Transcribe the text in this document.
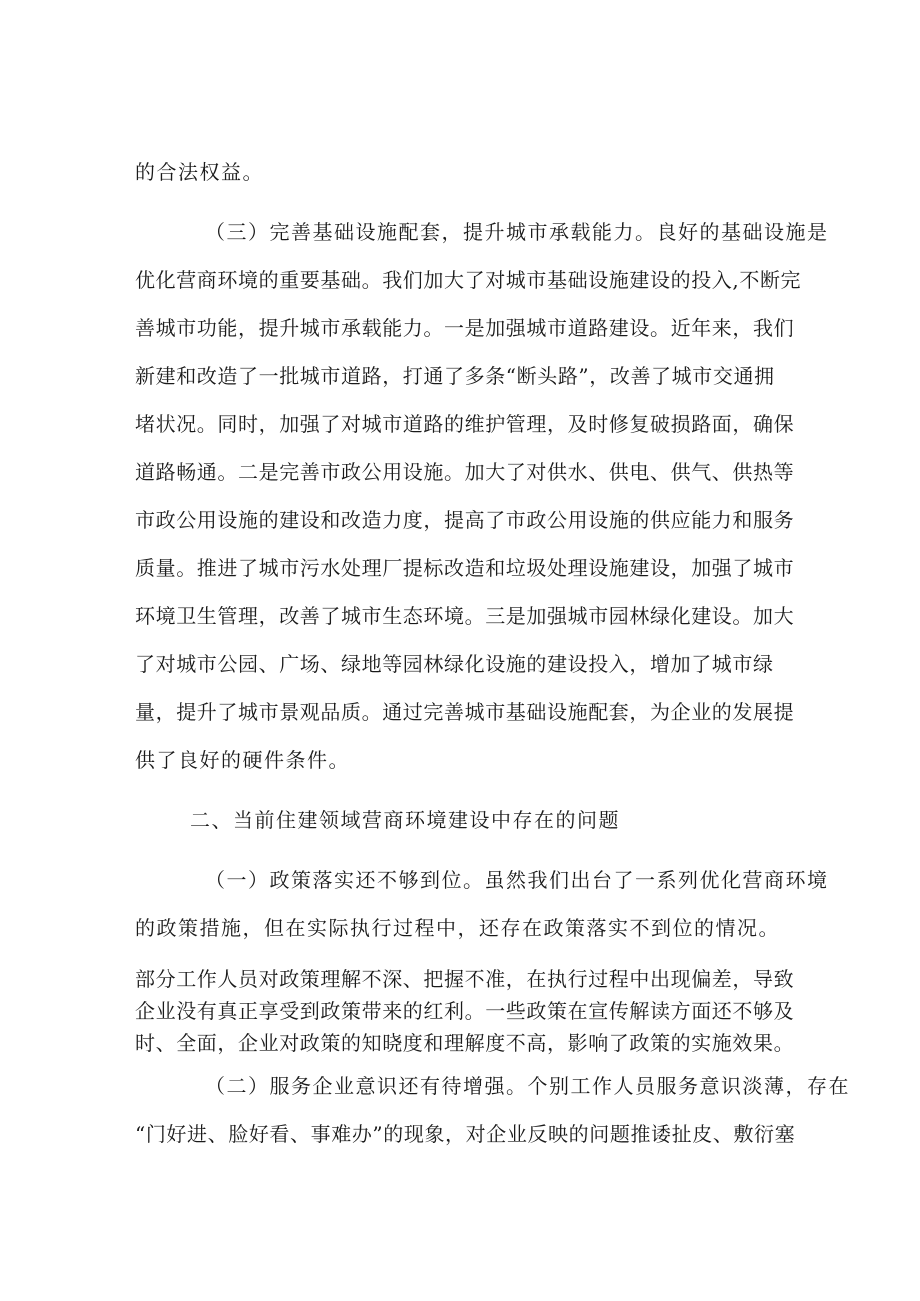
的合法权益。
（三）完善基础设施配套，提升城市承载能力。良好的基础设施是
优化营商环境的重要基础。我们加大了对城市基础设施建设的投入,不断完
善城市功能，提升城市承载能力。一是加强城市道路建设。近年来，我们
新建和改造了一批城市道路，打通了多条“断头路”，改善了城市交通拥
堵状况。同时，加强了对城市道路的维护管理，及时修复破损路面，确保
道路畅通。二是完善市政公用设施。加大了对供水、供电、供气、供热等
市政公用设施的建设和改造力度，提高了市政公用设施的供应能力和服务
质量。推进了城市污水处理厂提标改造和垃圾处理设施建设，加强了城市
环境卫生管理，改善了城市生态环境。三是加强城市园林绿化建设。加大
了对城市公园、广场、绿地等园林绿化设施的建设投入，增加了城市绿
量，提升了城市景观品质。通过完善城市基础设施配套，为企业的发展提
供了良好的硬件条件。
二、当前住建领域营商环境建设中存在的问题
（一）政策落实还不够到位。虽然我们出台了一系列优化营商环境
的政策措施，但在实际执行过程中，还存在政策落实不到位的情况。
部分工作人员对政策理解不深、把握不准，在执行过程中出现偏差，导致
企业没有真正享受到政策带来的红利。一些政策在宣传解读方面还不够及
时、全面，企业对政策的知晓度和理解度不高，影响了政策的实施效果。
（二）服务企业意识还有待增强。个别工作人员服务意识淡薄，存在
“门好进、脸好看、事难办”的现象，对企业反映的问题推诿扯皮、敷衍塞
